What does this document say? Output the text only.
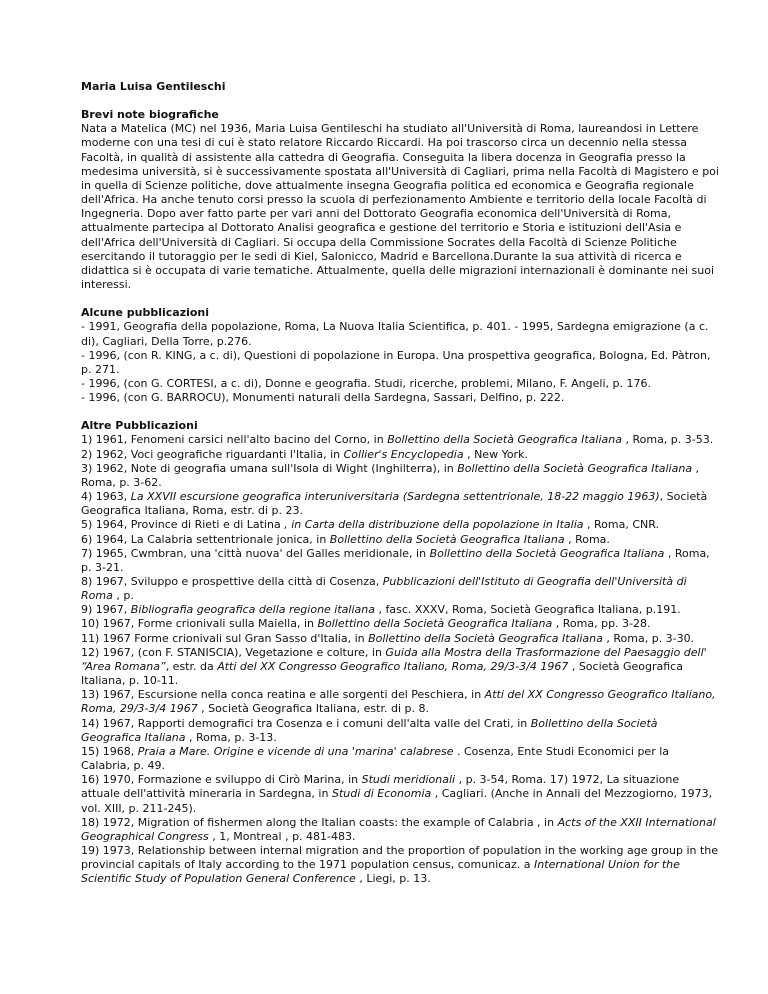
Maria Luisa Gentileschi

Brevi note biografiche

Nata a Matelica (MC) nel 1936, Maria Luisa Gentileschi ha studiato all'Università di Roma, laureandosi in Lettere moderne con una tesi di cui è stato relatore Riccardo Riccardi. Ha poi trascorso circa un decennio nella stessa Facoltà, in qualità di assistente alla cattedra di Geografia. Conseguita la libera docenza in Geografia presso la medesima università, si è successivamente spostata all'Università di Cagliari, prima nella Facoltà di Magistero e poi in quella di Scienze politiche, dove attualmente insegna Geografia politica ed economica e Geografia regionale dell'Africa. Ha anche tenuto corsi presso la scuola di perfezionamento Ambiente e territorio della locale Facoltà di Ingegneria. Dopo aver fatto parte per vari anni del Dottorato Geografia economica dell'Università di Roma, attualmente partecipa al Dottorato Analisi geografica e gestione del territorio e Storia e istituzioni dell'Asia e dell'Africa dell'Università di Cagliari. Si occupa della Commissione Socrates della Facoltà di Scienze Politiche esercitando il tutoraggio per le sedi di Kiel, Salonicco, Madrid e Barcellona.Durante la sua attività di ricerca e didattica si è occupata di varie tematiche. Attualmente, quella delle migrazioni internazionali è dominante nei suoi interessi.

Alcune pubblicazioni

- 1991, Geografia della popolazione, Roma, La Nuova Italia Scientifica, p. 401. - 1995, Sardegna emigrazione (a c. di), Cagliari, Della Torre, p.276.

- 1996, (con R. KING, a c. di), Questioni di popolazione in Europa. Una prospettiva geografica, Bologna, Ed. Pàtron, p. 271.

- 1996, (con G. CORTESI, a c. di), Donne e geografia. Studi, ricerche, problemi, Milano, F. Angeli, p. 176.

- 1996, (con G. BARROCU), Monumenti naturali della Sardegna, Sassari, Delfino, p. 222.

Altre Pubblicazioni

1) 1961, Fenomeni carsici nell'alto bacino del Corno, in Bollettino della Società Geografica Italiana , Roma, p. 3-53.

2) 1962, Voci geografiche riguardanti l'Italia, in Collier's Encyclopedia , New York.

3) 1962, Note di geografia umana sull'Isola di Wight (Inghilterra), in Bollettino della Società Geografica Italiana , Roma, p. 3-62.

4) 1963, La XXVII escursione geografica interuniversitaria (Sardegna settentrionale, 18-22 maggio 1963), Società Geografica Italiana, Roma, estr. di p. 23.

5) 1964, Province di Rieti e di Latina , in Carta della distribuzione della popolazione in Italia , Roma, CNR.

6) 1964, La Calabria settentrionale jonica, in Bollettino della Società Geografica Italiana , Roma.

7) 1965, Cwmbran, una 'città nuova' del Galles meridionale, in Bollettino della Società Geografica Italiana , Roma, p. 3-21.

8) 1967, Sviluppo e prospettive della città di Cosenza, Pubblicazioni dell'Istituto di Geografia dell'Università di Roma , p.

9) 1967, Bibliografia geografica della regione italiana , fasc. XXXV, Roma, Società Geografica Italiana, p.191.

10) 1967, Forme crionivali sulla Maiella, in Bollettino della Società Geografica Italiana , Roma, pp. 3-28.

11) 1967 Forme crionivali sul Gran Sasso d'Italia, in Bollettino della Società Geografica Italiana , Roma, p. 3-30.

12) 1967, (con F. STANISCIA), Vegetazione e colture, in Guida alla Mostra della Trasformazione del Paesaggio dell' “Area Romana”, estr. da Atti del XX Congresso Geografico Italiano, Roma, 29/3-3/4 1967 , Società Geografica Italiana, p. 10-11.

13) 1967, Escursione nella conca reatina e alle sorgenti del Peschiera, in Atti del XX Congresso Geografico Italiano, Roma, 29/3-3/4 1967 , Società Geografica Italiana, estr. di p. 8.

14) 1967, Rapporti demografici tra Cosenza e i comuni dell'alta valle del Crati, in Bollettino della Società Geografica Italiana , Roma, p. 3-13.

15) 1968, Praia a Mare. Origine e vicende di una 'marina' calabrese . Cosenza, Ente Studi Economici per la Calabria, p. 49.

16) 1970, Formazione e sviluppo di Cirò Marina, in Studi meridionali , p. 3-54, Roma. 17) 1972, La situazione attuale dell'attività mineraria in Sardegna, in Studi di Economia , Cagliari. (Anche in Annali del Mezzogiorno, 1973, vol. XIII, p. 211-245).

18) 1972, Migration of fishermen along the Italian coasts: the example of Calabria , in Acts of the XXII International Geographical Congress , 1, Montreal , p. 481-483.

19) 1973, Relationship between internal migration and the proportion of population in the working age group in the provincial capitals of Italy according to the 1971 population census, comunicaz. a International Union for the Scientific Study of Population General Conference , Liegi, p. 13.
